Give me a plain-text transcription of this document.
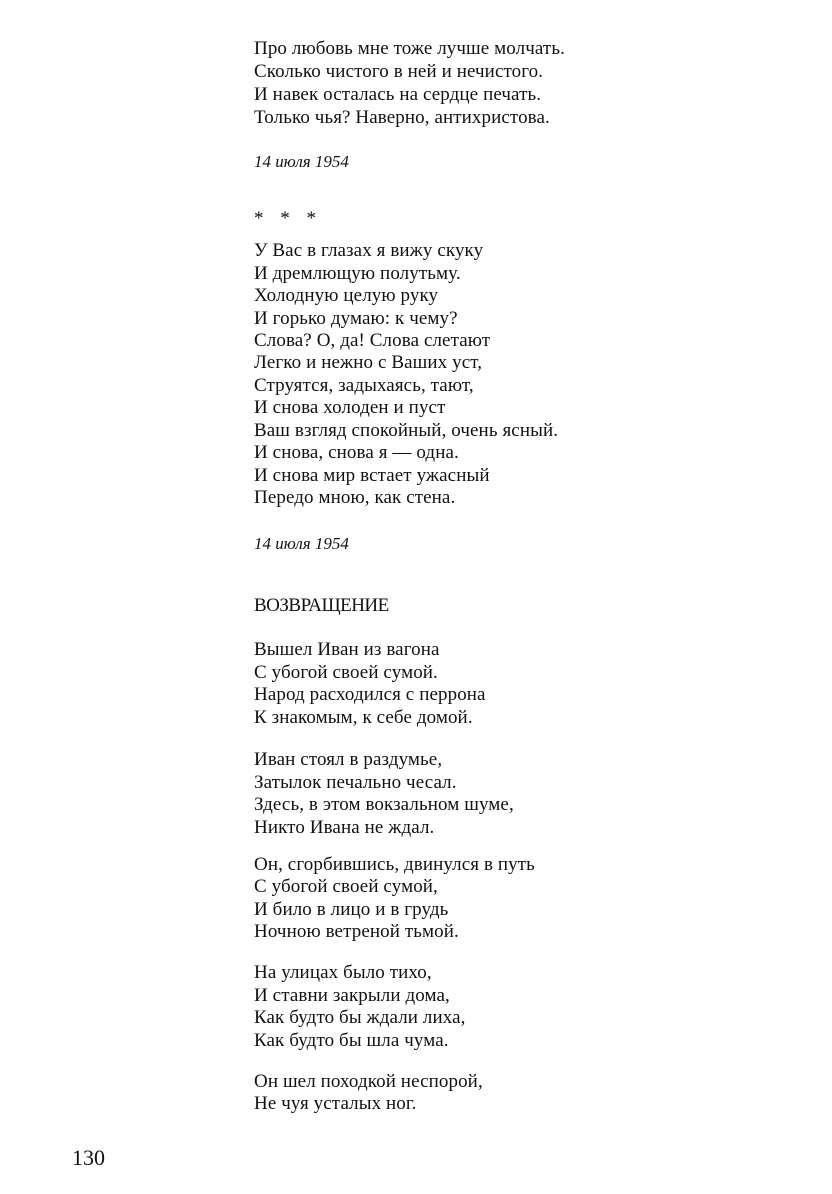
Про любовь мне тоже лучше молчать.
Сколько чистого в ней и нечистого.
И навек осталась на сердце печать.
Только чья? Наверно, антихристова.
14 июля 1954
* * *
У Вас в глазах я вижу скуку
И дремлющую полутьму.
Холодную целую руку
И горько думаю: к чему?
Слова? О, да! Слова слетают
Легко и нежно с Ваших уст,
Струятся, задыхаясь, тают,
И снова холоден и пуст
Ваш взгляд спокойный, очень ясный.
И снова, снова я — одна.
И снова мир встает ужасный
Передо мною, как стена.
14 июля 1954
ВОЗВРАЩЕНИЕ
Вышел Иван из вагона
С убогой своей сумой.
Народ расходился с перрона
К знакомым, к себе домой.
Иван стоял в раздумье,
Затылок печально чесал.
Здесь, в этом вокзальном шуме,
Никто Ивана не ждал.
Он, сгорбившись, двинулся в путь
С убогой своей сумой,
И било в лицо и в грудь
Ночною ветреной тьмой.
На улицах было тихо,
И ставни закрыли дома,
Как будто бы ждали лиха,
Как будто бы шла чума.
Он шел походкой неспорой,
Не чуя усталых ног.
130
